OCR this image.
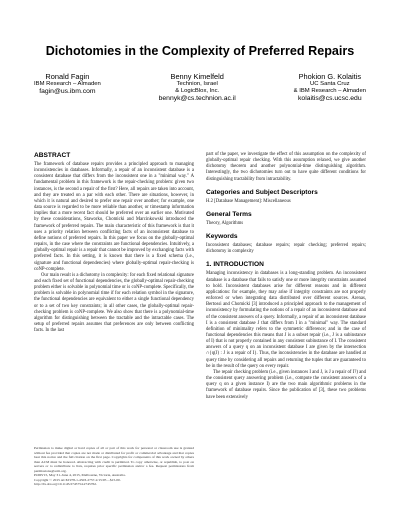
Dichotomies in the Complexity of Preferred Repairs
Ronald Fagin
IBM Research – Almaden
fagin@us.ibm.com
Benny Kimelfeld
Technion, Israel
& LogicBlox, Inc.
bennyk@cs.technion.ac.il
Phokion G. Kolaitis
UC Santa Cruz
& IBM Research – Almaden
kolaitis@cs.ucsc.edu
ABSTRACT

The framework of database repairs provides a principled approach to managing inconsistencies in databases. Informally, a repair of an inconsistent database is a consistent database that differs from the inconsistent one in a "minimal way." A fundamental problem in this framework is the repair-checking problem: given two instances, is the second a repair of the first? Here, all repairs are taken into account, and they are treated on a par with each other. There are situations, however, in which it is natural and desired to prefer one repair over another; for example, one data source is regarded to be more reliable than another, or timestamp information implies that a more recent fact should be preferred over an earlier one. Motivated by these considerations, Staworko, Chomicki and Marcinkowski introduced the framework of preferred repairs. The main characteristic of this framework is that it uses a priority relation between conflicting facts of an inconsistent database to define notions of preferred repairs. In this paper we focus on the globally-optimal repairs, in the case where the constraints are functional dependencies. Intuitively, a globally-optimal repair is a repair that cannot be improved by exchanging facts with preferred facts. In this setting, it is known that there is a fixed schema (i.e., signature and functional dependencies) where globally-optimal repair-checking is coNP-complete.

Our main result is a dichotomy in complexity: for each fixed relational signature and each fixed set of functional dependencies, the globally-optimal repair-checking problem either is solvable in polynomial time or is coNP-complete. Specifically, the problem is solvable in polynomial time if for each relation symbol in the signature, the functional dependencies are equivalent to either a single functional dependency or to a set of two key constraints; in all other cases, the globally-optimal repair-checking problem is coNP-complete. We also show that there is a polynomial-time algorithm for distinguishing between the tractable and the intractable cases. The setup of preferred repairs assumes that preferences are only between conflicting facts. In the last

part of the paper, we investigate the effect of this assumption on the complexity of globally-optimal repair checking. With this assumption relaxed, we give another dichotomy theorem and another polynomial-time distinguishing algorithm. Interestingly, the two dichotomies turn out to have quite different conditions for distinguishing tractability from intractability.

Categories and Subject Descriptors

H.2 [Database Management]: Miscellaneous

General Terms

Theory, Algorithms

Keywords

Inconsistent databases; database repairs; repair checking; preferred repairs; dichotomy in complexity

1. INTRODUCTION

Managing inconsistency in databases is a long-standing problem. An inconsistent database is a database that fails to satisfy one or more integrity constraints assumed to hold. Inconsistent databases arise for different reasons and in different applications: for example, they may arise if integrity constraints are not properly enforced or when integrating data distributed over different sources. Arenas, Bertossi and Chomicki [3] introduced a principled approach to the management of inconsistency by formulating the notions of a repair of an inconsistent database and of the consistent answers of a query. Informally, a repair of an inconsistent database I is a consistent database J that differs from I in a "minimal" way. The standard definition of minimality refers to the symmetric difference; and in the case of functional dependencies this means that J is a subset repair (i.e., J is a subinstance of I) that is not properly contained in any consistent subinstance of I. The consistent answers of a query q on an inconsistent database I are given by the intersection ∩{q(J) : J is a repair of I}. Thus, the inconsistencies in the database are handled at query time by considering all repairs and returning the tuples that are guaranteed to be in the result of the query on every repair.

The repair checking problem (i.e., given instances I and J, is J a repair of I?) and the consistent query answering problem (i.e., compute the consistent answers of a query q on a given instance I) are the two main algorithmic problems in the framework of database repairs. Since the publication of [3], these two problems have been extensively

Permission to make digital or hard copies of all or part of this work for personal or classroom use is granted without fee provided that copies are not made or distributed for profit or commercial advantage and that copies bear this notice and the full citation on the first page. Copyrights for components of this work owned by others than ACM must be honored. Abstracting with credit is permitted. To copy otherwise, or republish, to post on servers or to redistribute to lists, requires prior specific permission and/or a fee. Request permissions from permissions@acm.org.
PODS'15, May 31–June 4, 2015, Melbourne, Victoria, Australia.
Copyright © 2015 ACM 978-1-4503-2757-2/15/05 ...$15.00.
http://dx.doi.org/10.1145/2745754.2745762.
